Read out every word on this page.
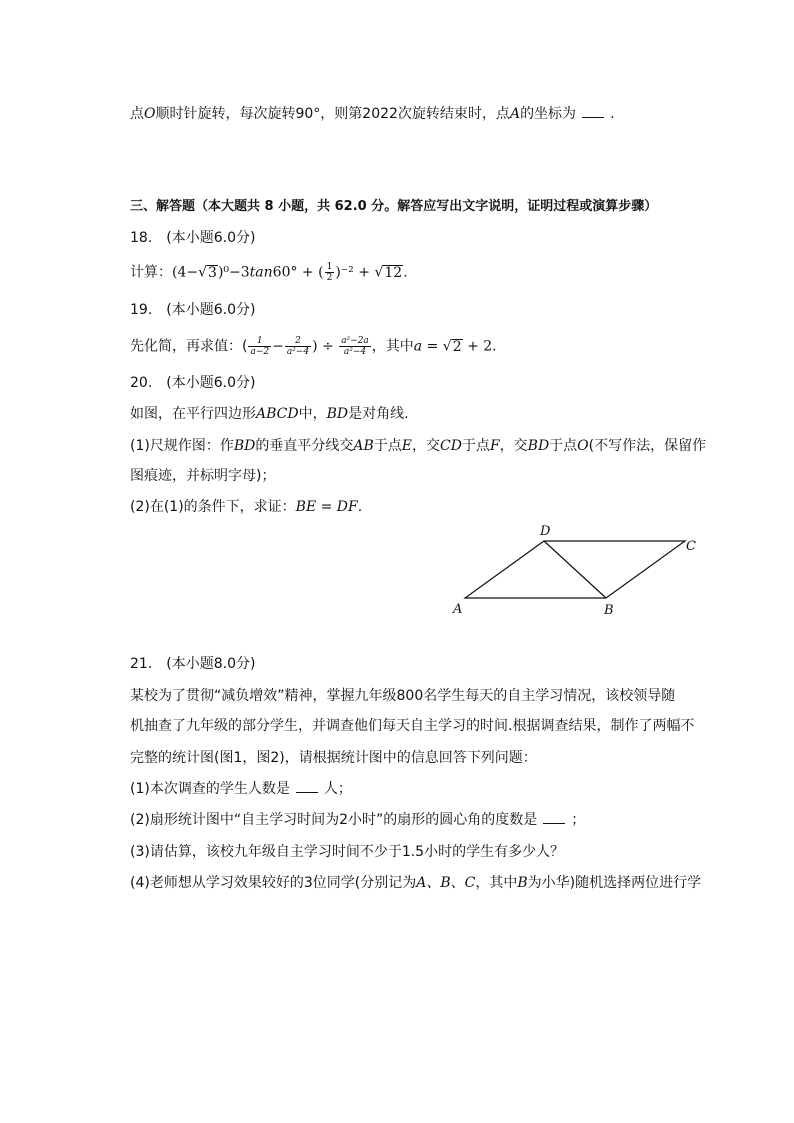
点O顺时针旋转，每次旋转90°，则第2022次旋转结束时，点A的坐标为 .
三、解答题（本大题共 8 小题，共 62.0 分。解答应写出文字说明，证明过程或演算步骤）
18.　(本小题6.0分)
计算：(4−√3)⁰−3tan60° + ( $\frac{1}{2} )^{-2} + √12$.
19.　(本小题6.0分)
先化简，再求值：( $\frac{1}{a-2} - \frac{2}{\text{a²−4}}$ ) ÷ $\frac{\text{a²−2a}}{\text{a²−4}}$ ，其中a = √2 + 2.
20.　(本小题6.0分)
如图，在平行四边形ABCD中，BD是对角线.
(1)尺规作图：作BD的垂直平分线交AB于点E，交CD于点F，交BD于点O(不写作法，保留作
图痕迹，并标明字母)；
(2)在(1)的条件下，求证：BE = DF.
A	B
C
D
21.　(本小题8.0分)
某校为了贯彻“减负增效”精神，掌握九年级800名学生每天的自主学习情况，该校领导随
机抽查了九年级的部分学生，并调查他们每天自主学习的时间.根据调查结果，制作了两幅不
完整的统计图(图1，图2)，请根据统计图中的信息回答下列问题：
(1)本次调查的学生人数是 人；
(2)扇形统计图中“自主学习时间为2小时”的扇形的圆心角的度数是 ；
(3)请估算，该校九年级自主学习时间不少于1.5小时的学生有多少人？
(4)老师想从学习效果较好的3位同学(分别记为A、B、C，其中B为小华)随机选择两位进行学
